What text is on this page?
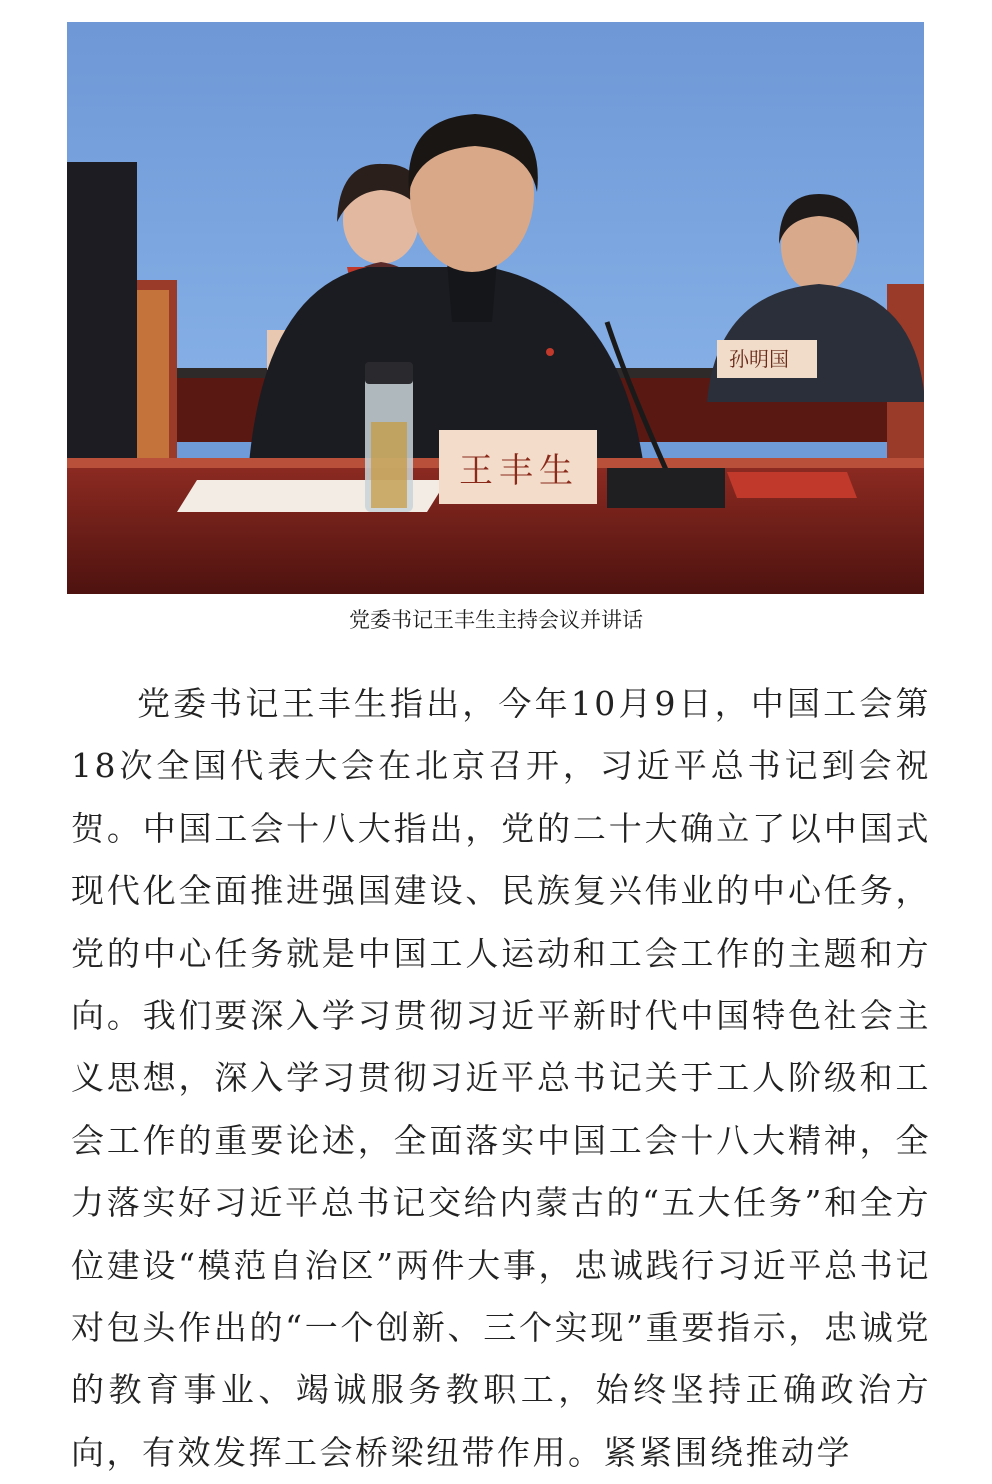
孙明国
王丰生
党委书记王丰生主持会议并讲话

党委书记王丰生指出，今年10月9日，中国工会第18次全国代表大会在北京召开，习近平总书记到会祝贺。中国工会十八大指出，党的二十大确立了以中国式现代化全面推进强国建设、民族复兴伟业的中心任务，党的中心任务就是中国工人运动和工会工作的主题和方向。我们要深入学习贯彻习近平新时代中国特色社会主义思想，深入学习贯彻习近平总书记关于工人阶级和工会工作的重要论述，全面落实中国工会十八大精神，全力落实好习近平总书记交给内蒙古的“五大任务”和全方位建设“模范自治区”两件大事，忠诚践行习近平总书记对包头作出的“一个创新、三个实现”重要指示，忠诚党的教育事业、竭诚服务教职工，始终坚持正确政治方向，有效发挥工会桥梁纽带作用。紧紧围绕推动学
